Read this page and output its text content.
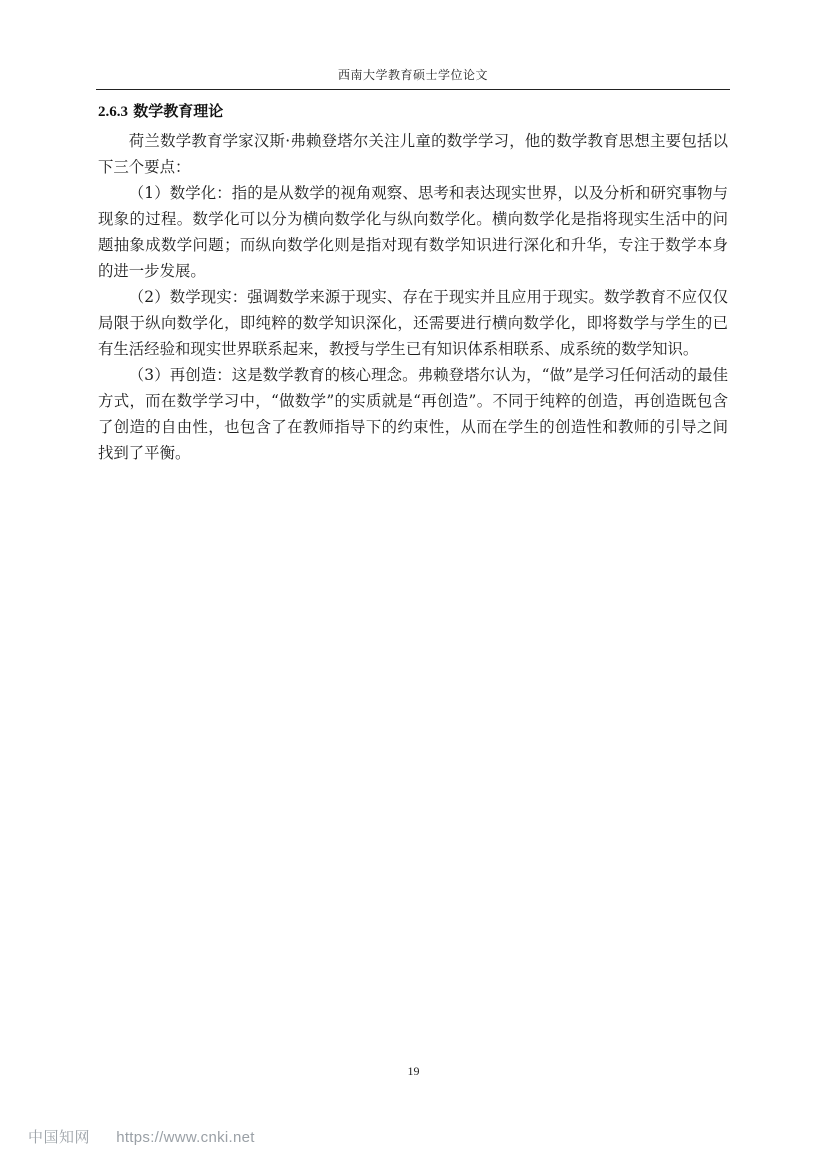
西南大学教育硕士学位论文
2.6.3 数学教育理论

荷兰数学教育学家汉斯·弗赖登塔尔关注儿童的数学学习，他的数学教育思想主要包括以下三个要点：

（1）数学化：指的是从数学的视角观察、思考和表达现实世界，以及分析和研究事物与现象的过程。数学化可以分为横向数学化与纵向数学化。横向数学化是指将现实生活中的问题抽象成数学问题；而纵向数学化则是指对现有数学知识进行深化和升华，专注于数学本身的进一步发展。

（2）数学现实：强调数学来源于现实、存在于现实并且应用于现实。数学教育不应仅仅局限于纵向数学化，即纯粹的数学知识深化，还需要进行横向数学化，即将数学与学生的已有生活经验和现实世界联系起来，教授与学生已有知识体系相联系、成系统的数学知识。

（3）再创造：这是数学教育的核心理念。弗赖登塔尔认为，“做”是学习任何活动的最佳方式，而在数学学习中，“做数学”的实质就是“再创造”。不同于纯粹的创造，再创造既包含了创造的自由性，也包含了在教师指导下的约束性，从而在学生的创造性和教师的引导之间找到了平衡。

19
中国知网 https://www.cnki.net
